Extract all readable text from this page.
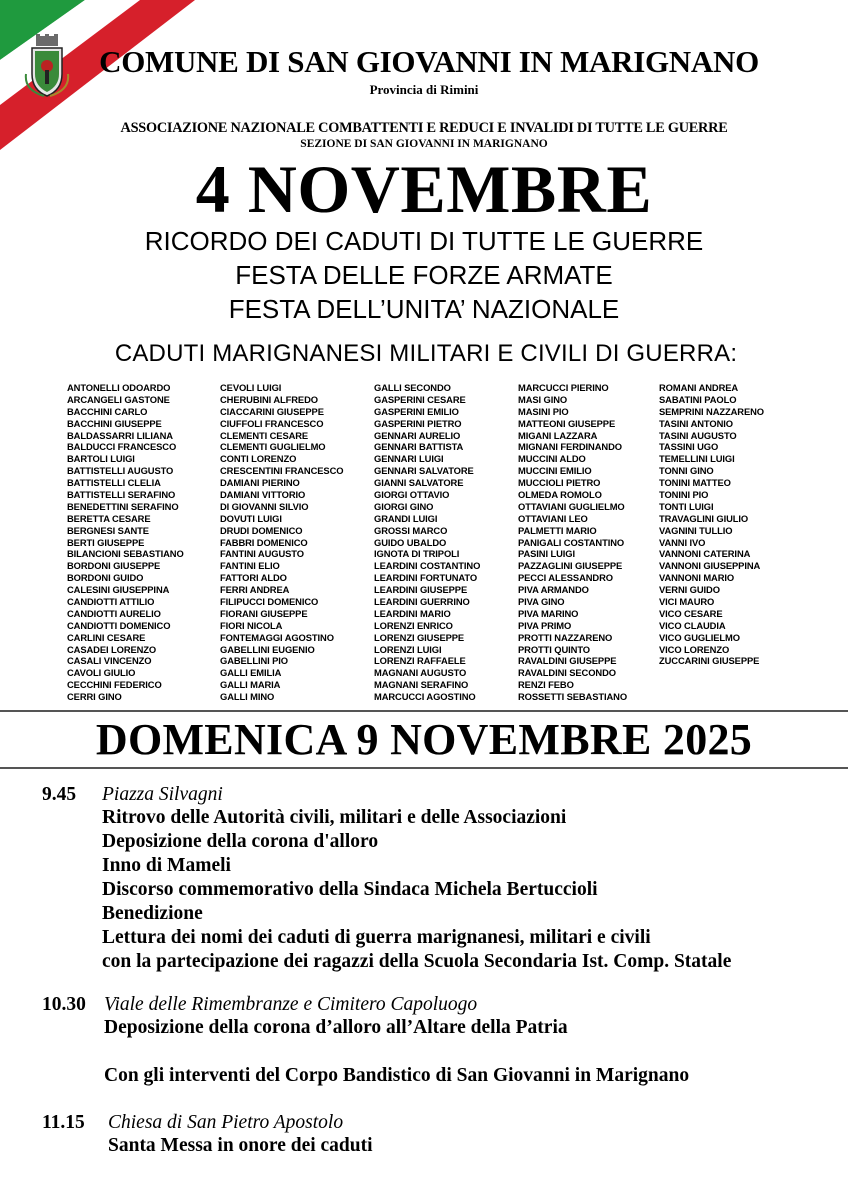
COMUNE DI SAN GIOVANNI IN MARIGNANO
Provincia di Rimini
ASSOCIAZIONE NAZIONALE COMBATTENTI E REDUCI E INVALIDI DI TUTTE LE GUERRE
SEZIONE DI SAN GIOVANNI IN MARIGNANO
4 NOVEMBRE
RICORDO DEI CADUTI DI TUTTE LE GUERRE
FESTA DELLE FORZE ARMATE
FESTA DELL’UNITA’ NAZIONALE
CADUTI MARIGNANESI MILITARI E CIVILI DI GUERRA:
ANTONELLI ODOARDO
ARCANGELI GASTONE
BACCHINI CARLO
BACCHINI GIUSEPPE
BALDASSARRI LILIANA
BALDUCCI FRANCESCO
BARTOLI LUIGI
BATTISTELLI AUGUSTO
BATTISTELLI CLELIA
BATTISTELLI SERAFINO
BENEDETTINI SERAFINO
BERETTA CESARE
BERGNESI SANTE
BERTI GIUSEPPE
BILANCIONI SEBASTIANO
BORDONI GIUSEPPE
BORDONI GUIDO
CALESINI GIUSEPPINA
CANDIOTTI ATTILIO
CANDIOTTI AURELIO
CANDIOTTI DOMENICO
CARLINI CESARE
CASADEI LORENZO
CASALI VINCENZO
CAVOLI GIULIO
CECCHINI FEDERICO
CERRI GINO
CEVOLI LUIGI
CHERUBINI ALFREDO
CIACCARINI GIUSEPPE
CIUFFOLI FRANCESCO
CLEMENTI CESARE
CLEMENTI GUGLIELMO
CONTI LORENZO
CRESCENTINI FRANCESCO
DAMIANI PIERINO
DAMIANI VITTORIO
DI GIOVANNI SILVIO
DOVUTI LUIGI
DRUDI DOMENICO
FABBRI DOMENICO
FANTINI AUGUSTO
FANTINI ELIO
FATTORI ALDO
FERRI ANDREA
FILIPUCCI DOMENICO
FIORANI GIUSEPPE
FIORI NICOLA
FONTEMAGGI AGOSTINO
GABELLINI EUGENIO
GABELLINI PIO
GALLI EMILIA
GALLI MARIA
GALLI MINO
GALLI SECONDO
GASPERINI CESARE
GASPERINI EMILIO
GASPERINI PIETRO
GENNARI AURELIO
GENNARI BATTISTA
GENNARI LUIGI
GENNARI SALVATORE
GIANNI SALVATORE
GIORGI OTTAVIO
GIORGI GINO
GRANDI LUIGI
GROSSI MARCO
GUIDO UBALDO
IGNOTA DI TRIPOLI
LEARDINI COSTANTINO
LEARDINI FORTUNATO
LEARDINI GIUSEPPE
LEARDINI GUERRINO
LEARDINI MARIO
LORENZI ENRICO
LORENZI GIUSEPPE
LORENZI LUIGI
LORENZI RAFFAELE
MAGNANI AUGUSTO
MAGNANI SERAFINO
MARCUCCI AGOSTINO
MARCUCCI PIERINO
MASI GINO
MASINI PIO
MATTEONI GIUSEPPE
MIGANI LAZZARA
MIGNANI FERDINANDO
MUCCINI ALDO
MUCCINI EMILIO
MUCCIOLI PIETRO
OLMEDA ROMOLO
OTTAVIANI GUGLIELMO
OTTAVIANI LEO
PALMETTI MARIO
PANIGALI COSTANTINO
PASINI LUIGI
PAZZAGLINI GIUSEPPE
PECCI ALESSANDRO
PIVA ARMANDO
PIVA GINO
PIVA MARINO
PIVA PRIMO
PROTTI NAZZARENO
PROTTI QUINTO
RAVALDINI GIUSEPPE
RAVALDINI SECONDO
RENZI FEBO
ROSSETTI SEBASTIANO
ROMANI ANDREA
SABATINI PAOLO
SEMPRINI NAZZARENO
TASINI ANTONIO
TASINI AUGUSTO
TASSINI UGO
TEMELLINI LUIGI
TONNI GINO
TONINI MATTEO
TONINI PIO
TONTI LUIGI
TRAVAGLINI GIULIO
VAGNINI TULLIO
VANNI IVO
VANNONI CATERINA
VANNONI GIUSEPPINA
VANNONI MARIO
VERNI GUIDO
VICI MAURO
VICO CESARE
VICO CLAUDIA
VICO GUGLIELMO
VICO LORENZO
ZUCCARINI GIUSEPPE
DOMENICA 9 NOVEMBRE 2025
9.45 Piazza Silvagni
Ritrovo delle Autorità civili, militari e delle Associazioni
Deposizione della corona d'alloro
Inno di Mameli
Discorso commemorativo della Sindaca Michela Bertuccioli
Benedizione
Lettura dei nomi dei caduti di guerra marignanesi, militari e civili
con la partecipazione dei ragazzi della Scuola Secondaria Ist. Comp. Statale
10.30 Viale delle Rimembranze e Cimitero Capoluogo
Deposizione della corona d’alloro all’Altare della Patria
Con gli interventi del Corpo Bandistico di San Giovanni in Marignano
11.15 Chiesa di San Pietro Apostolo
Santa Messa in onore dei caduti
